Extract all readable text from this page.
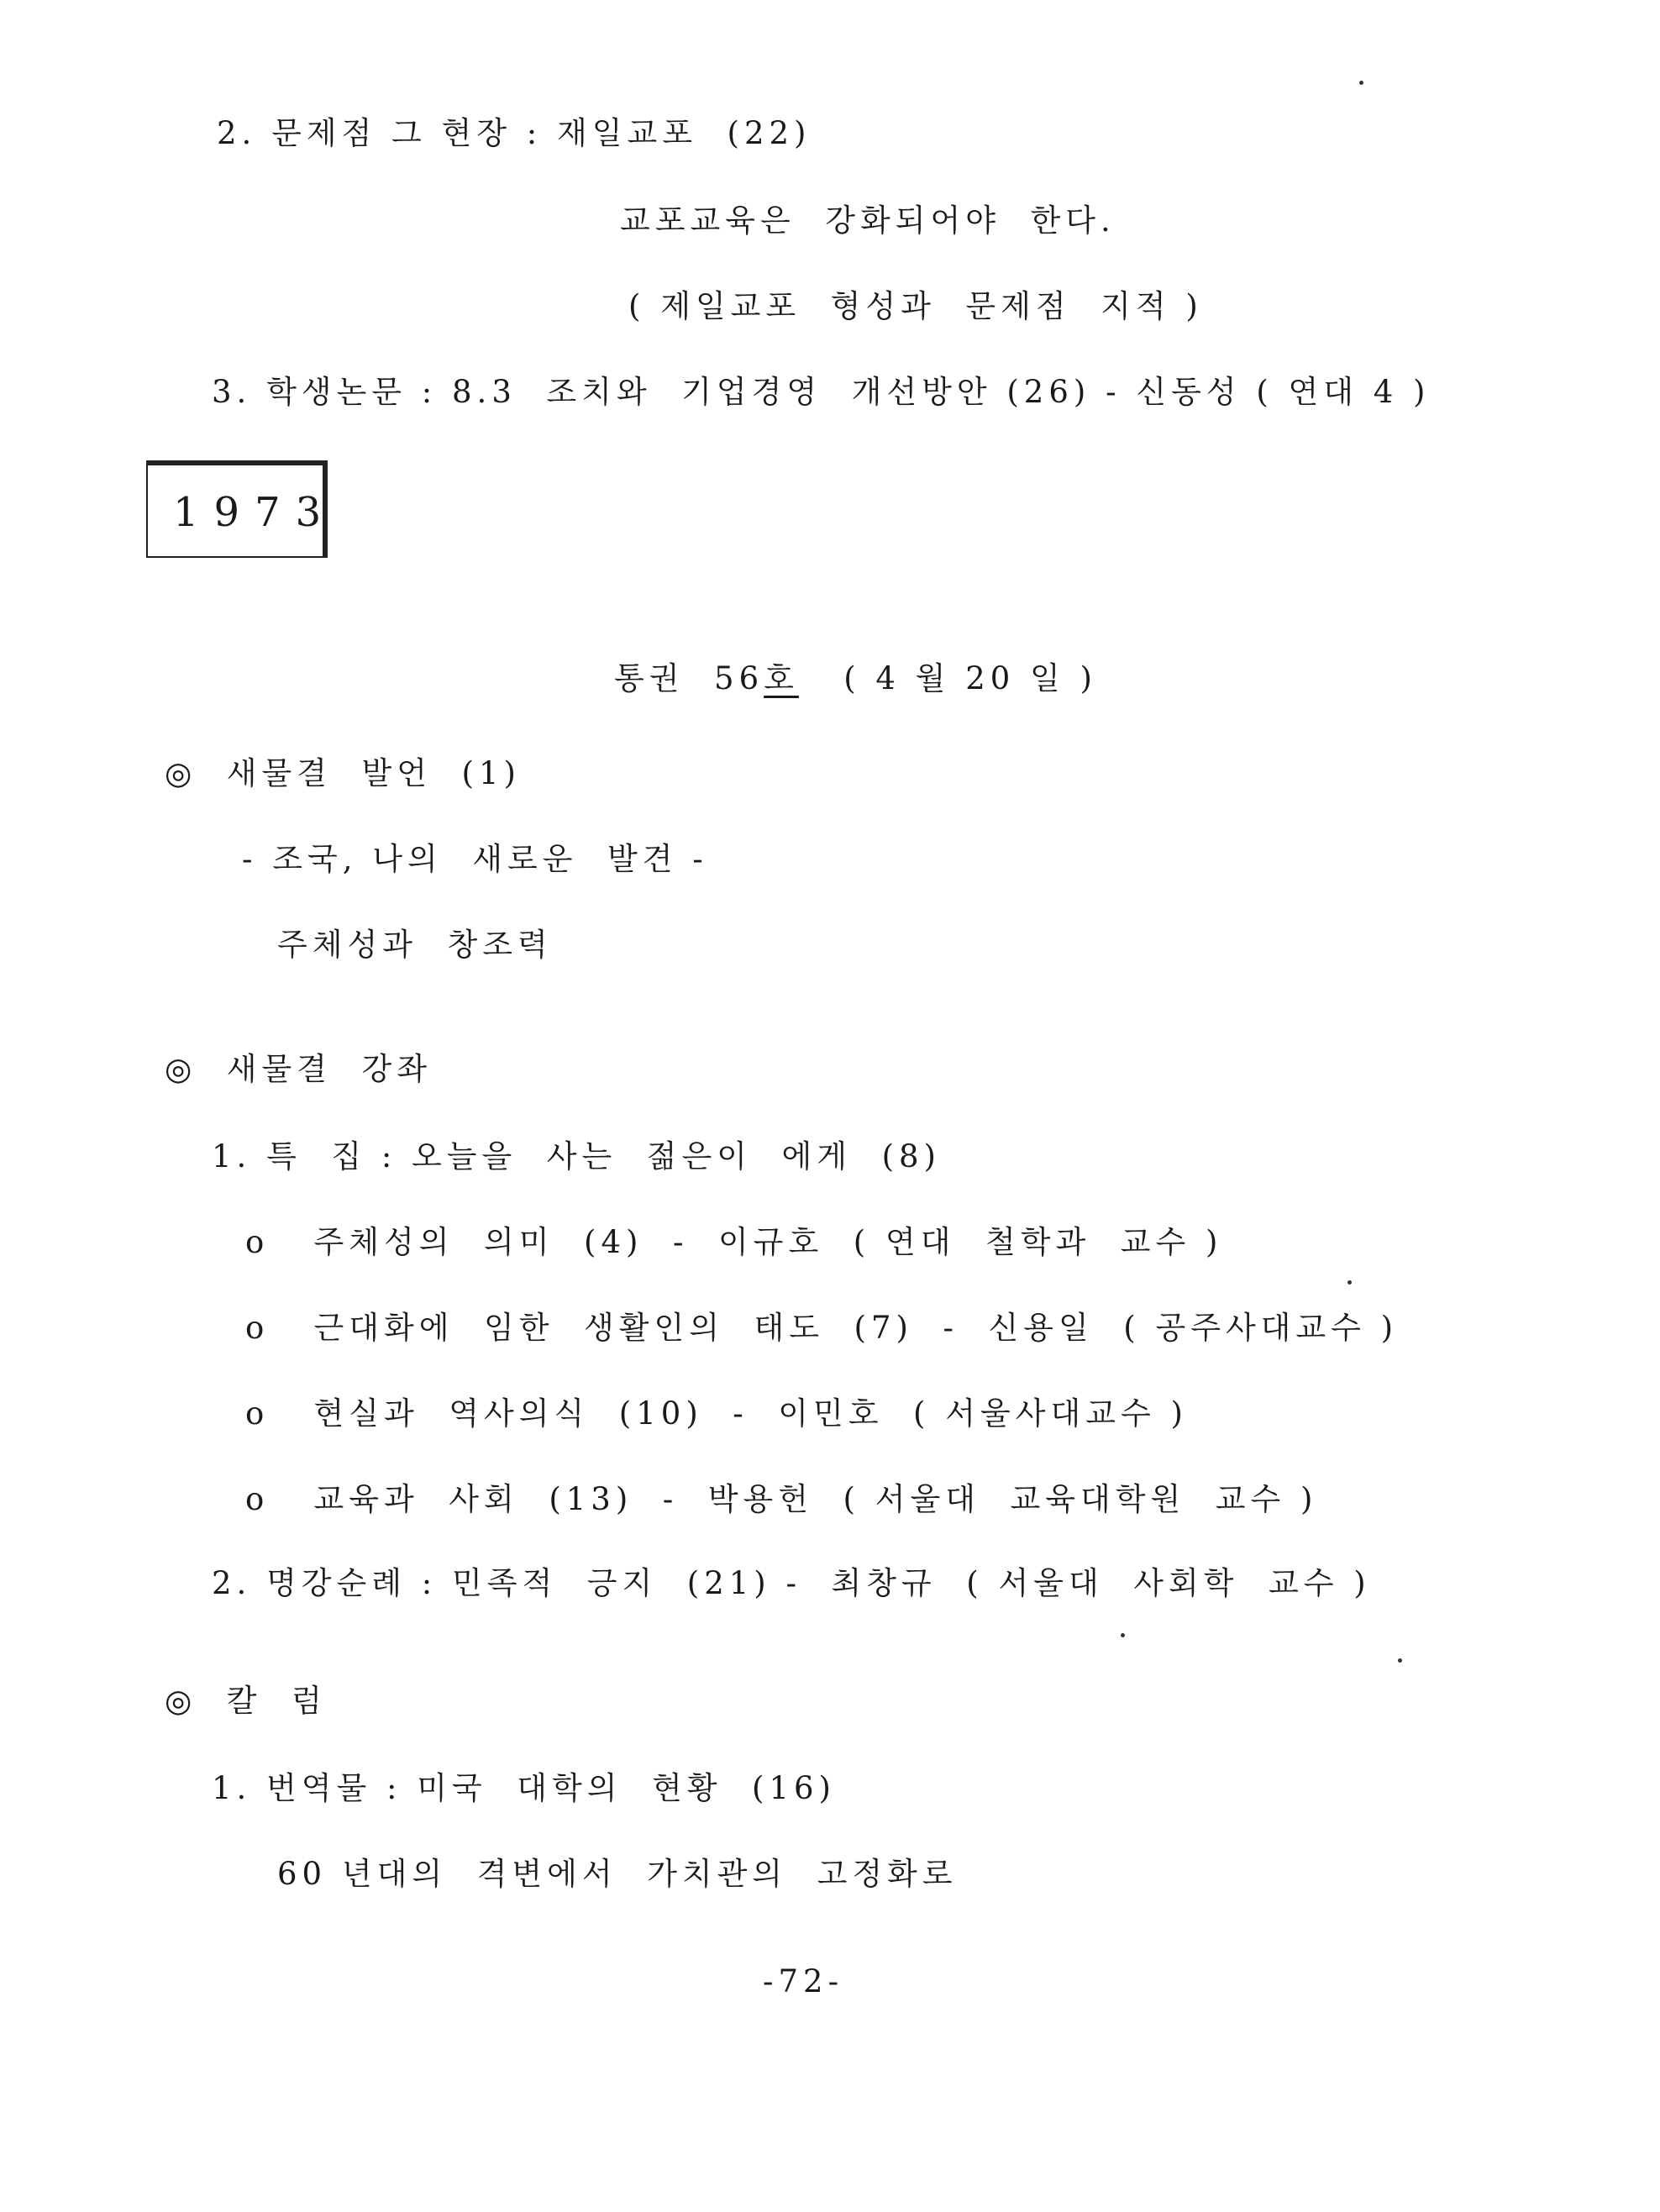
2. 문제점 그 현장 : 재일교포  (22)
교포교육은  강화되어야  한다.
( 제일교포  형성과  문제점  지적 )
3. 학생논문 : 8.3  조치와  기업경영  개선방안 (26) - 신동성 ( 연대 4 )
1973

통권  56호 ( 4 월 20 일 )

◎  새물결  발언  (1)
- 조국, 나의  새로운  발견 -
주체성과  창조력
◎  새물결  강좌
1. 특  집 : 오늘을  사는  젊은이  에게  (8)
o   주체성의  의미  (4)  -  이규호  ( 연대  철학과  교수 )
o   근대화에  임한  생활인의  태도  (7)  -  신용일  ( 공주사대교수 )
o   현실과  역사의식  (10)  -  이민호  ( 서울사대교수 )
o   교육과  사회  (13)  -  박용헌  ( 서울대  교육대학원  교수 )
2. 명강순례 : 민족적  긍지  (21) -  최창규  ( 서울대  사회학  교수 )
◎  칼  럼
1. 번역물 : 미국  대학의  현황  (16)
60 년대의  격변에서  가치관의  고정화로
-72-
